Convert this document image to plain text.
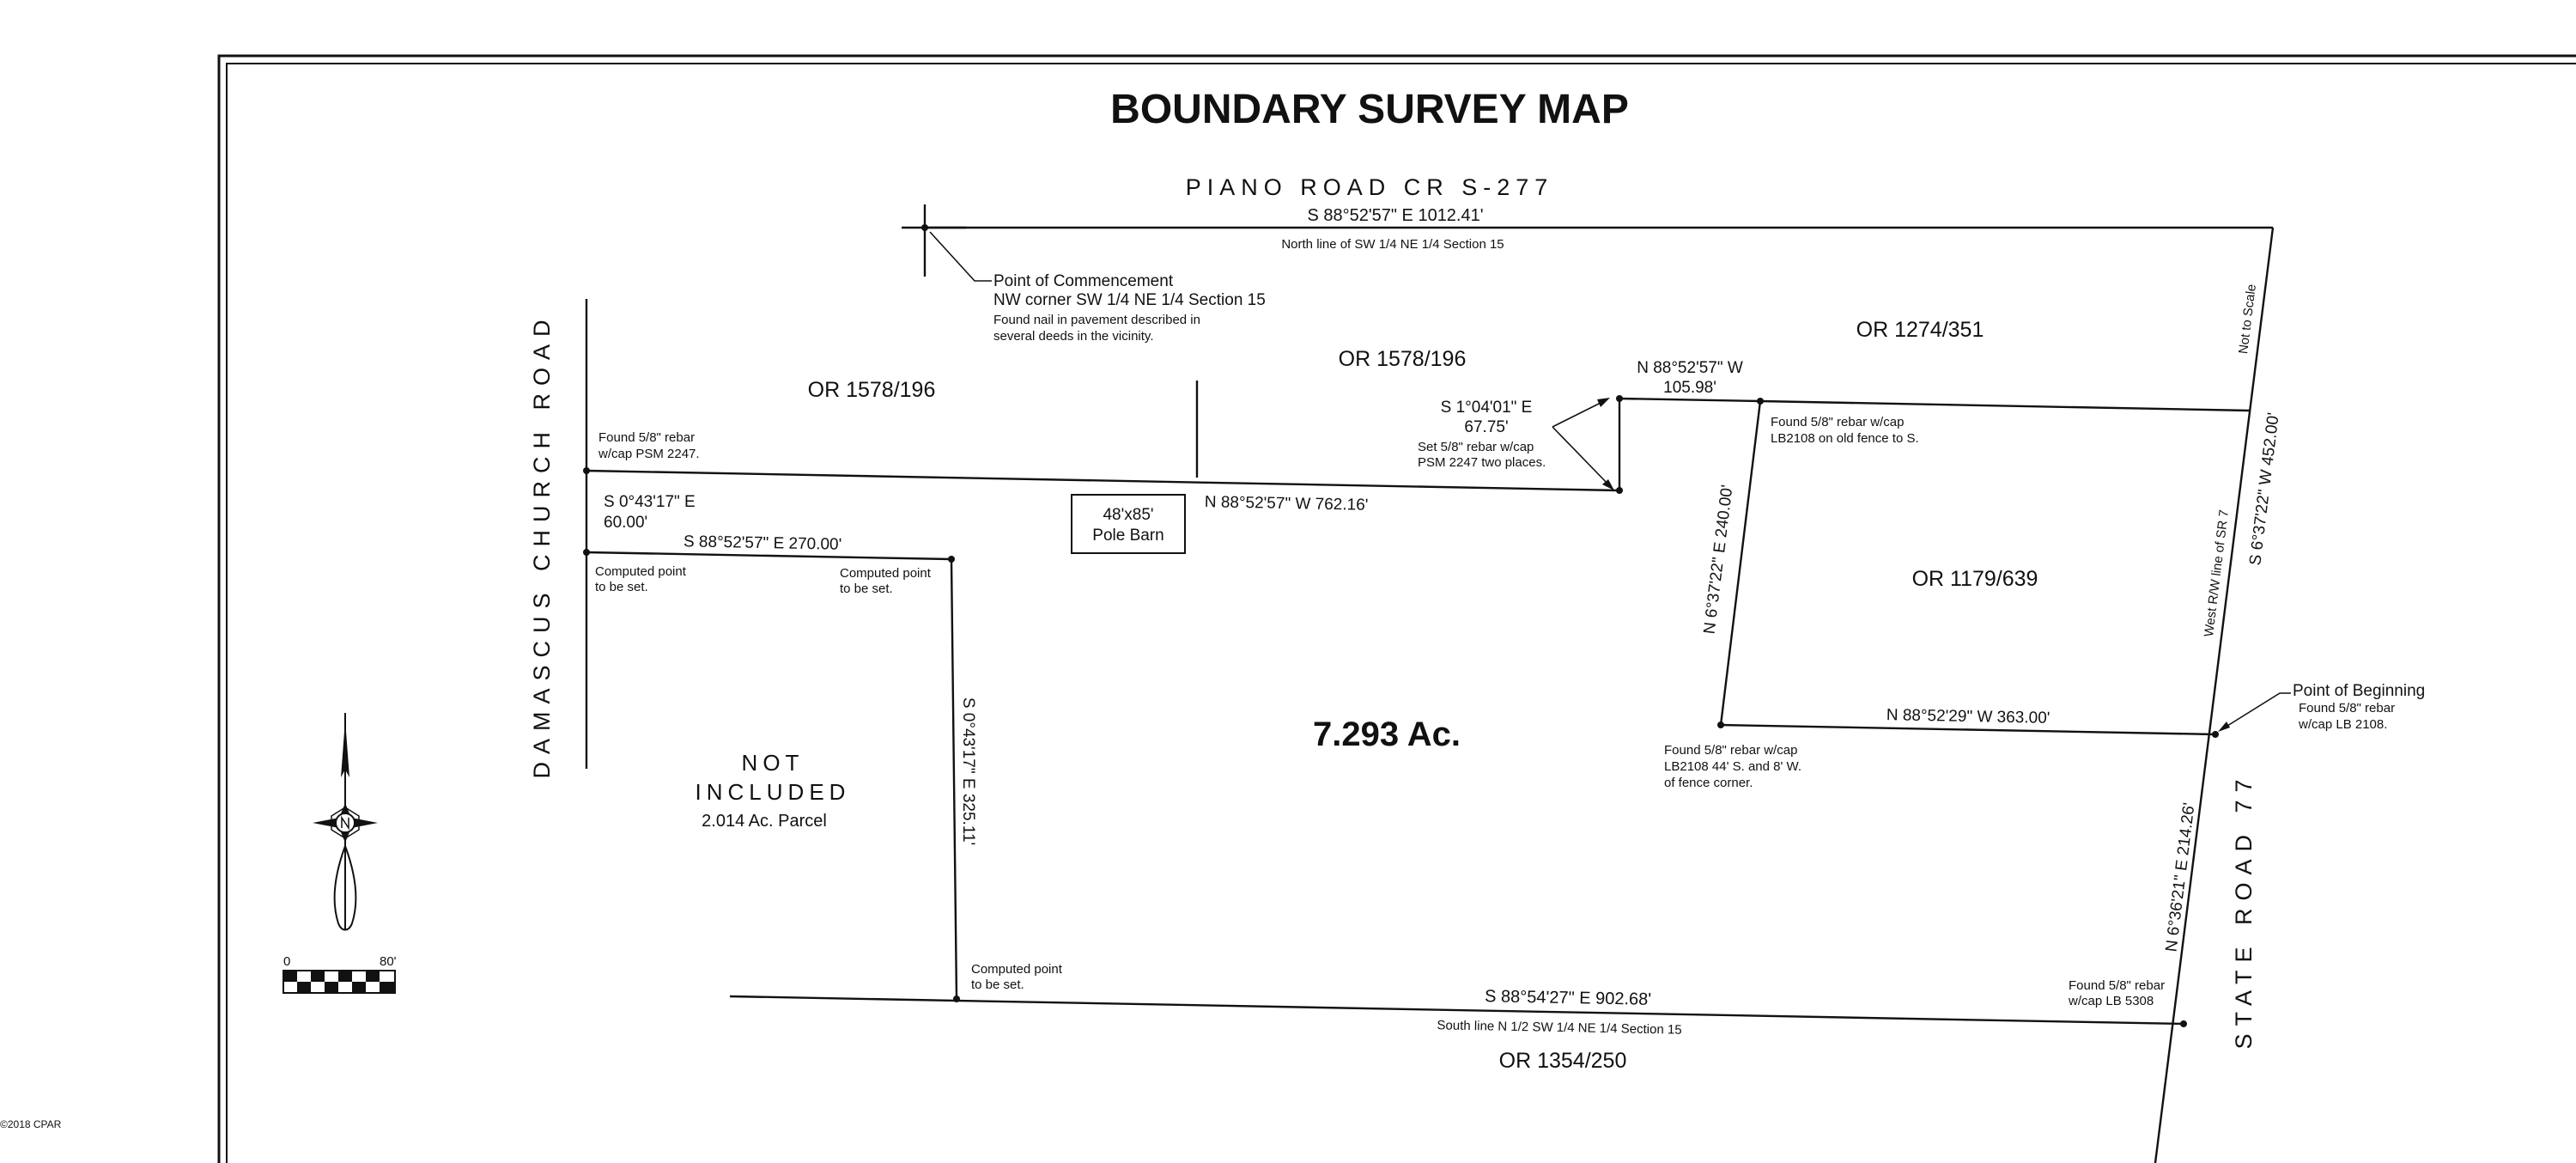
BOUNDARY SURVEY MAP
PIANO ROAD CR S-277
DAMASCUS CHURCH ROAD
STATE ROAD 77
48'x85'
Pole Barn
OR 1578/196
OR 1578/196
OR 1274/351
OR 1179/639
OR 1354/250
7.293 Ac.
NOT
INCLUDED
2.014 Ac. Parcel
S 88°52'57" E 1012.41'
North line of SW 1/4 NE 1/4 Section 15
N 88°52'57" W 762.16'
S 0°43'17" E
60.00'
S 88°52'57" E 270.00'
S 0°43'17" E 325.11'
S 1°04'01" E
67.75'
N 88°52'57" W
105.98'
N 6°37'22" E 240.00'
N 88°52'29" W 363.00'
S 6°37'22" W 452.00'
N 6°36'21" E 214.26'
S 88°54'27" E 902.68'
South line N 1/2 SW 1/4 NE 1/4 Section 15
West R/W line of SR 7
Not to Scale
Point of Commencement
NW corner SW 1/4 NE 1/4 Section 15
Found nail in pavement described in
several deeds in the vicinity.
Found 5/8" rebar
w/cap PSM 2247.
Computed point
to be set.
Computed point
to be set.
Computed point
to be set.
Set 5/8" rebar w/cap
PSM 2247 two places.
Found 5/8" rebar w/cap
LB2108 on old fence to S.
Found 5/8" rebar w/cap
LB2108 44' S. and 8' W.
of fence corner.
Point of Beginning
Found 5/8" rebar
w/cap LB 2108.
Found 5/8" rebar
w/cap LB 5308
0	80'
©2018 CPAR
